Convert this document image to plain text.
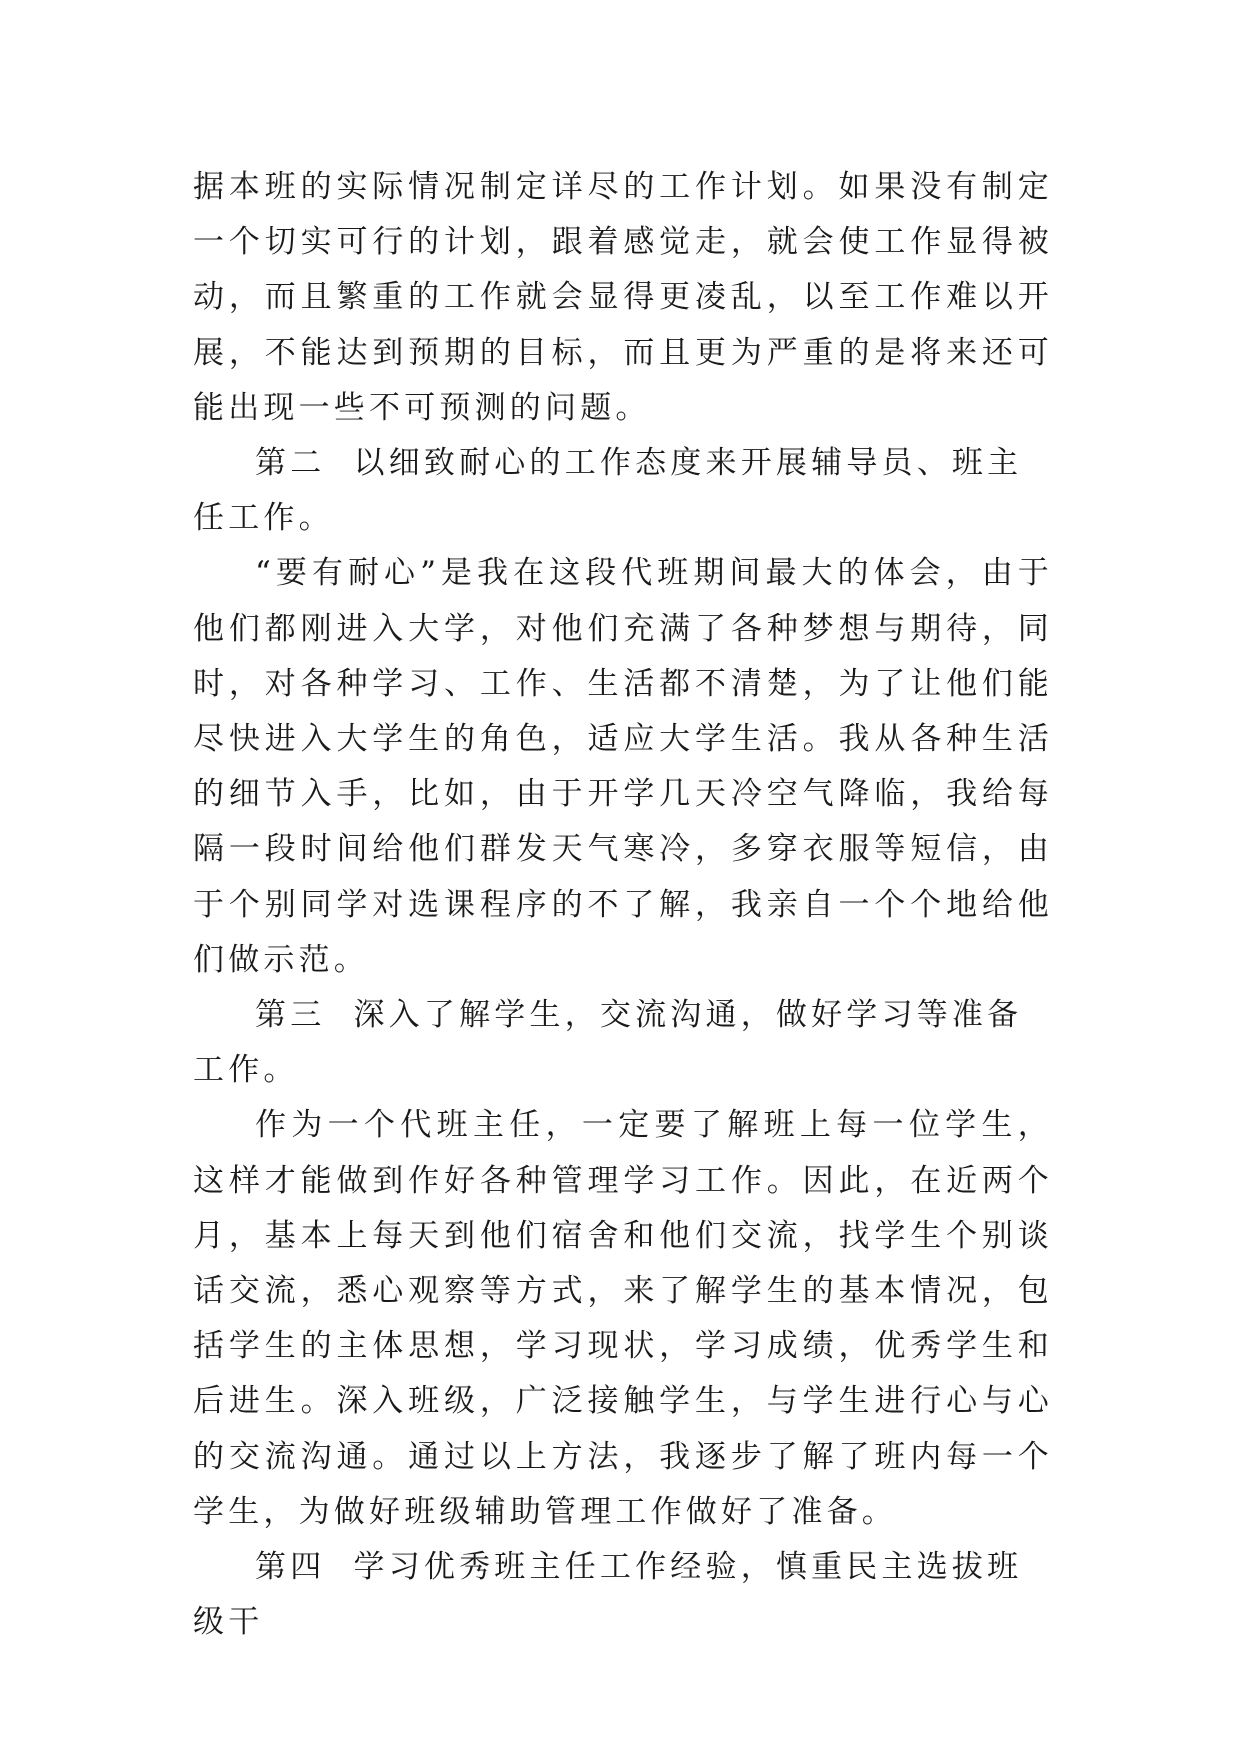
据本班的实际情况制定详尽的工作计划。如果没有制定一个切实可行的计划，跟着感觉走，就会使工作显得被动，而且繁重的工作就会显得更凌乱，以至工作难以开展，不能达到预期的目标，而且更为严重的是将来还可能出现一些不可预测的问题。

第二  以细致耐心的工作态度来开展辅导员、班主任工作。

“要有耐心”是我在这段代班期间最大的体会，由于他们都刚进入大学，对他们充满了各种梦想与期待，同时，对各种学习、工作、生活都不清楚，为了让他们能尽快进入大学生的角色，适应大学生活。我从各种生活的细节入手，比如，由于开学几天冷空气降临，我给每隔一段时间给他们群发天气寒冷，多穿衣服等短信，由于个别同学对选课程序的不了解，我亲自一个个地给他们做示范。

第三  深入了解学生，交流沟通，做好学习等准备工作。

作为一个代班主任，一定要了解班上每一位学生，这样才能做到作好各种管理学习工作。因此，在近两个月，基本上每天到他们宿舍和他们交流，找学生个别谈话交流，悉心观察等方式，来了解学生的基本情况，包括学生的主体思想，学习现状，学习成绩，优秀学生和后进生。深入班级，广泛接触学生，与学生进行心与心的交流沟通。通过以上方法，我逐步了解了班内每一个学生，为做好班级辅助管理工作做好了准备。

第四  学习优秀班主任工作经验，慎重民主选拔班级干
